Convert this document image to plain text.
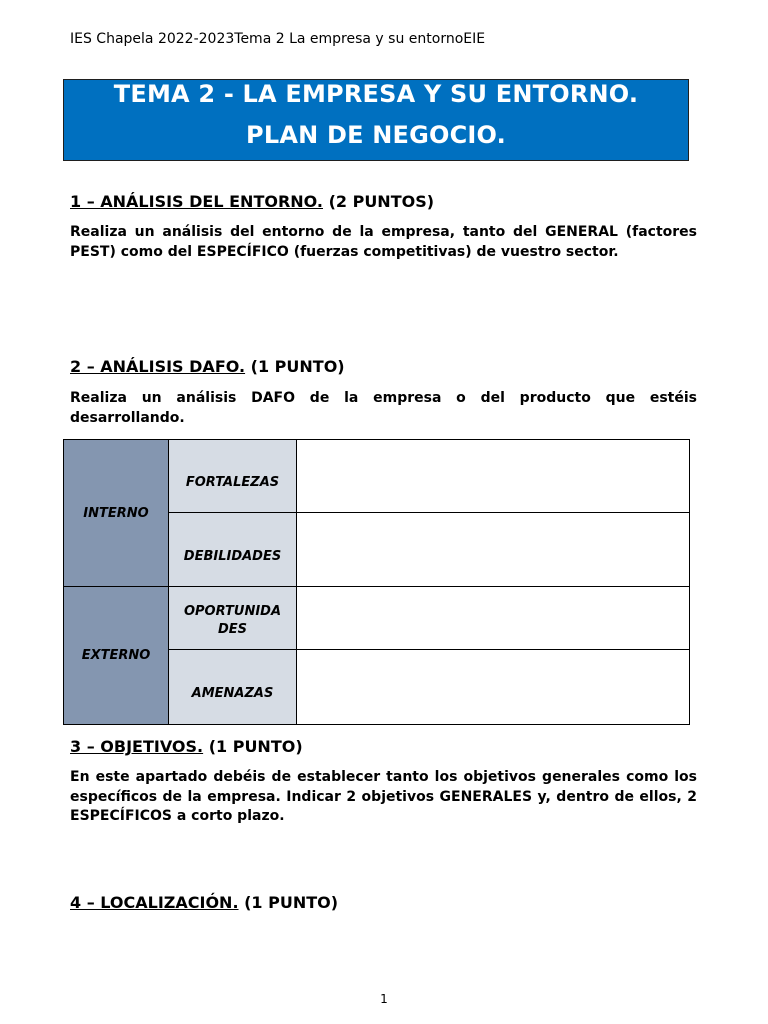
IES Chapela 2022-2023Tema 2 La empresa y su entornoEIE
TEMA 2 - LA EMPRESA Y SU ENTORNO.
PLAN DE NEGOCIO.
1 – ANÁLISIS DEL ENTORNO. (2 PUNTOS)
Realiza un análisis del entorno de la empresa, tanto del GENERAL (factores PEST) como del ESPECÍFICO (fuerzas competitivas) de vuestro sector.
2 – ANÁLISIS DAFO. (1 PUNTO)
Realiza un análisis DAFO de la empresa o del producto que estéis desarrollando.
INTERNO	FORTALEZAS	
	DEBILIDADES	
EXTERNO	OPORTUNIDA DES	
	AMENAZAS	
3 – OBJETIVOS. (1 PUNTO)
En este apartado debéis de establecer tanto los objetivos generales como los específicos de la empresa. Indicar 2 objetivos GENERALES y, dentro de ellos, 2 ESPECÍFICOS a corto plazo.
4 – LOCALIZACIÓN. (1 PUNTO)
1
